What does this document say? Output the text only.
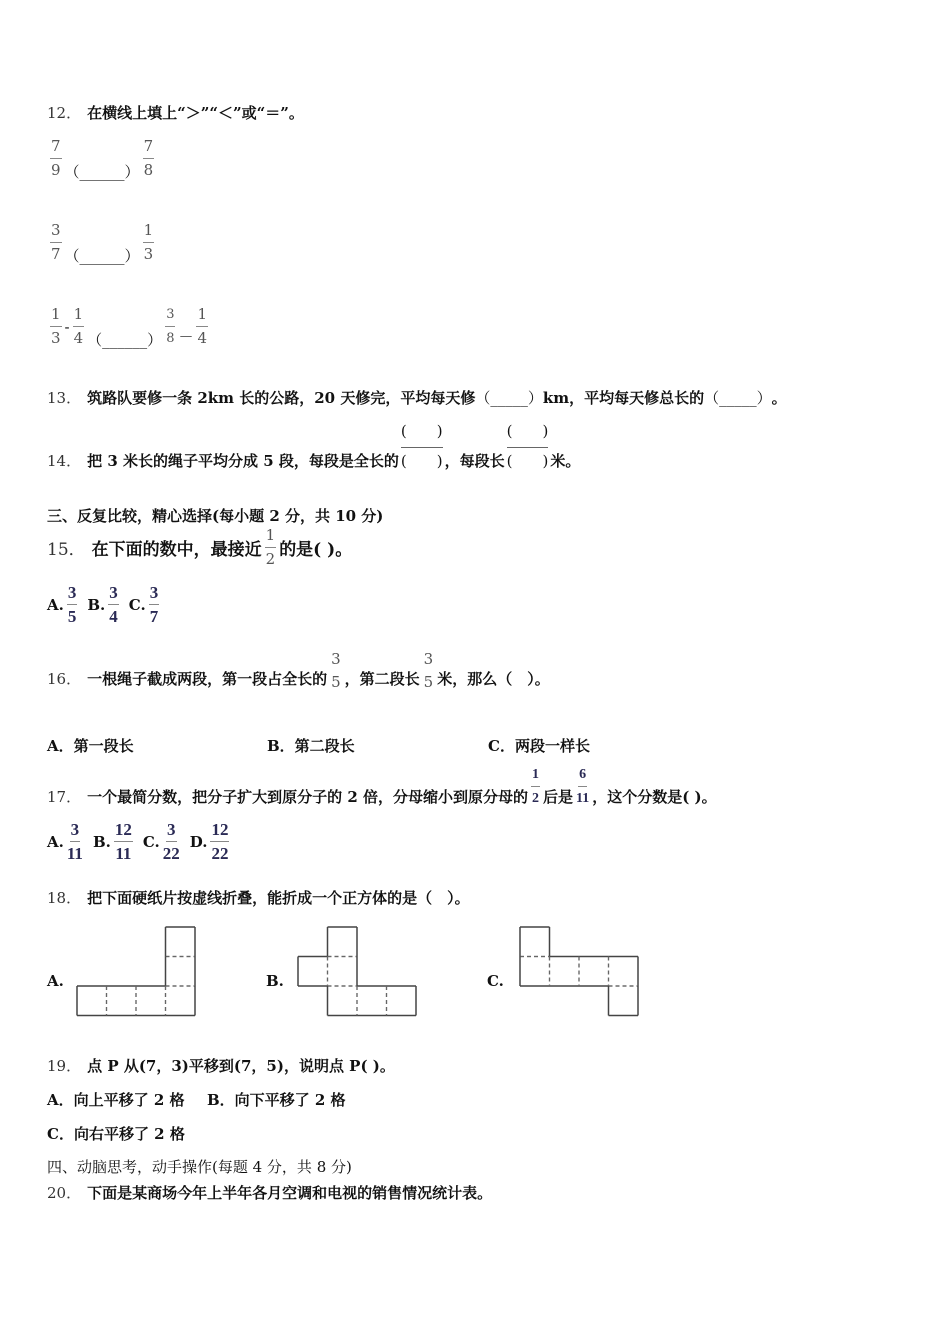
12． 在横线上填上“＞”“＜”或“＝”。
$\frac{7}{9}$ （______） $\frac{7}{8}$
$\frac{3}{7}$ （______） $\frac{1}{3}$
$\frac{1}{3} - \frac{1}{4}$ （______） $\frac{3}{8} - \frac{1}{4}$
13． 筑路队要修一条 2km 长的公路，20 天修完，平均每天修 （_____） km，平均每天修总长的 （_____） 。
14． 把 3 米长的绳子平均分成 5 段，每段是全长的
(　　)
(　　) ，每段长
(　　)
(　　) 米。
三、反复比较，精心选择(每小题 2 分，共 10 分)
15． 在下面的数中，最接近 $\frac{1}{2}$ 的是( )。
A. $\frac{3}{5} B$. $\frac{3}{4} C$. $\frac{3}{7}$
16． 一根绳子截成两段，第一段占全长的
3
5 ，第二段长
3
5 米，那么（　）。
A．第一段长	B．第二段长	C．两段一样长
17． 一个最简分数，把分子扩大到原分子的 2 倍，分母缩小到原分母的 $\frac{1}{2}$ 后是 $\frac{6}{11}$ ，这个分数是( )。
A. $\frac{3}{11} B$. $\frac{12}{11} C$. $\frac{3}{22} D$. $\frac{12}{22}$
18． 把下面硬纸片按虚线折叠，能折成一个正方体的是（　）。
A.	B.	C.
19． 点 P 从(7，3)平移到(7，5)，说明点 P( )。
A．向上平移了 2 格 B．向下平移了 2 格
C．向右平移了 2 格
四、动脑思考，动手操作(每题 4 分，共 8 分)
20． 下面是某商场今年上半年各月空调和电视的销售情况统计表。
